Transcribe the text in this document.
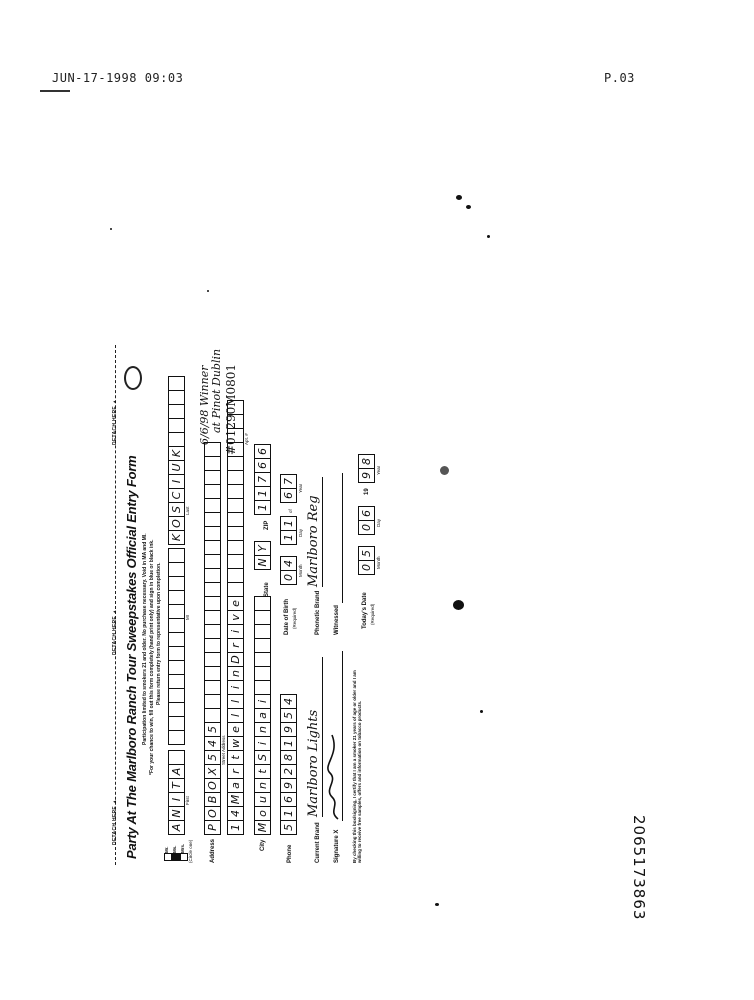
JUN-17-1998 09:03	P.03
2065173863
DETACH HERE ▲
DETACH HERE ▲
DETACH HERE ▲
Party At The Marlboro Ranch Tour Sweepstakes Official Entry Form Participation limited to smokers 21 and older. No purchase necessary. Void in MA and MI. *For your chance to win, fill out this form completely (hand print only) and sign in blue or black ink. Please return entry form to representative upon completion.
Mr. Ms. Mrs. (Circle one)
A
N
I
T
A
K
O
S
C
I
U
K
First
MI
Last
Address
P
O
B
O
X
5
4
5
Street Address
1
4
M
a
r
t
w
e
l
l
i
n
D
r
i
v
e
Apt. #
City
M
o
u
n
t
S
i
n
a
i
State
N
Y
ZIP
1
1
7
6
6
Phone
5
1
6
9
2
8
1
9
5
4
Date of Birth (Required)
0
4
1
1
of
6
7
Month
Day
Year
Current Brand
Marlboro Lights
Phonetic Brand
Marlboro Reg
Signature X
Witnessed
By checking this box/signing, I certify that I am a smoker 21 years of age or older and I am willing to receive free samples, offers and information on tobacco products.
Today's Date (Required)
0
5
0
6
19
9
8
Month
Day
Year
6/6/98 Winner at Pinot Dublin #01290M0801
